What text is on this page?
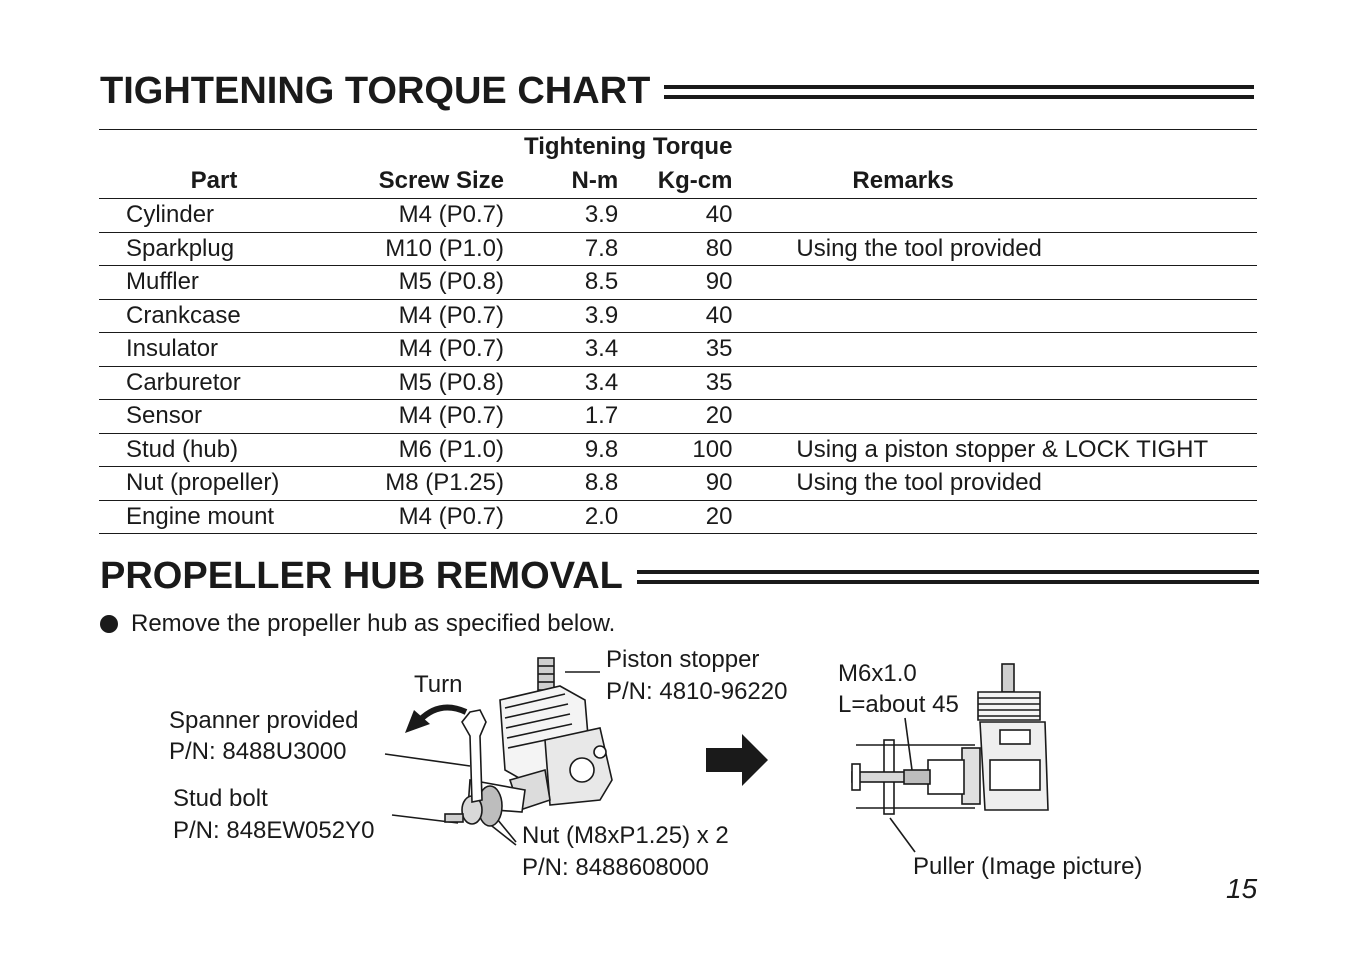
TIGHTENING TORQUE CHART
		Tightening Torque		
Part	Screw Size	N-m	Kg-cm	Remarks
Cylinder	M4 (P0.7)	3.9	40	
Sparkplug	M10 (P1.0)	7.8	80	Using the tool provided
Muffler	M5 (P0.8)	8.5	90	
Crankcase	M4 (P0.7)	3.9	40	
Insulator	M4 (P0.7)	3.4	35	
Carburetor	M5 (P0.8)	3.4	35	
Sensor	M4 (P0.7)	1.7	20	
Stud (hub)	M6 (P1.0)	9.8	100	Using a piston stopper & LOCK TIGHT
Nut (propeller)	M8 (P1.25)	8.8	90	Using the tool provided
Engine mount	M4 (P0.7)	2.0	20	
PROPELLER HUB REMOVAL
Remove the propeller hub as specified below.
Turn
Spanner provided
P/N: 8488U3000
Stud bolt
P/N: 848EW052Y0
Piston stopper
P/N: 4810-96220
Nut (M8xP1.25) x 2
P/N: 8488608000
M6x1.0
L=about 45
Puller (Image picture)
15
